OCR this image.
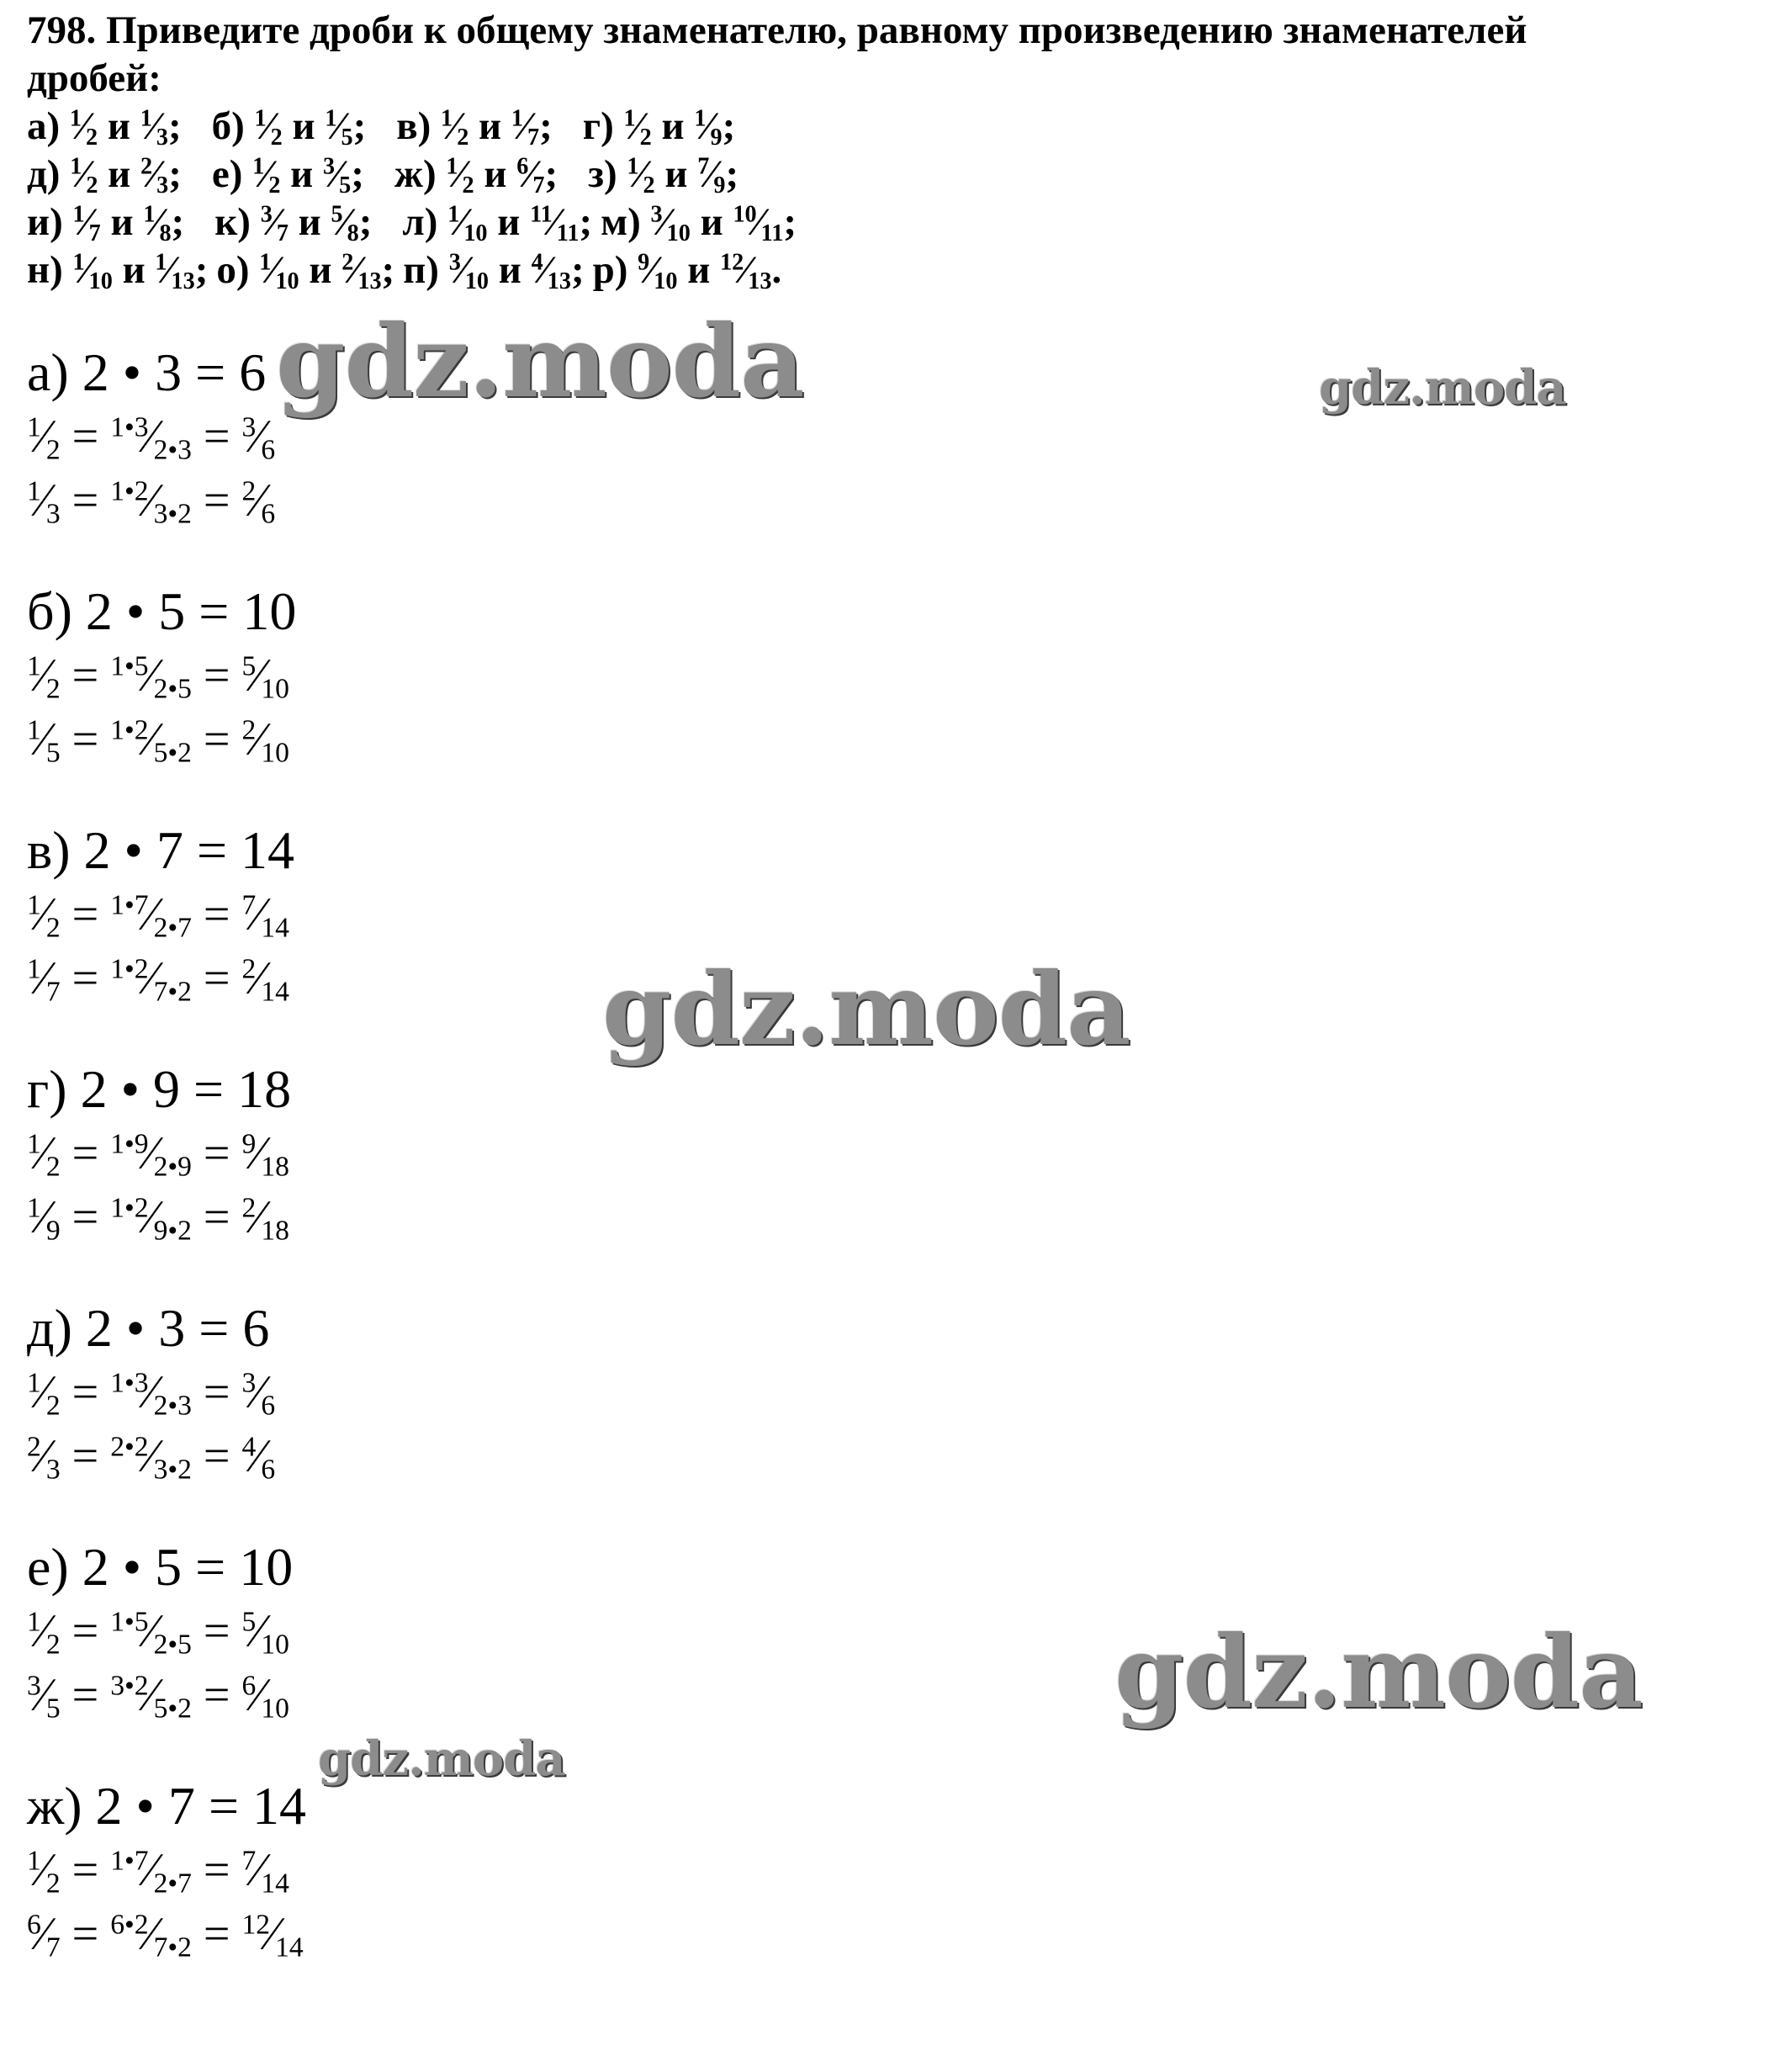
798. Приведите дроби к общему знаменателю, равному произведению знаменателей
дробей:
а) $^1⁄_2$ и $^1⁄_3$; б) $^1⁄_2$ и $^1⁄_5$; в) $^1⁄_2$ и $^1⁄_7$; г) $^1⁄_2$ и $^1⁄_9$;
д) $^1⁄_2$ и $^2⁄_3$; е) $^1⁄_2$ и $^3⁄_5$; ж) $^1⁄_2$ и $^6⁄_7$; з) $^1⁄_2$ и $^7⁄_9$;
и) $^1⁄_7$ и $^1⁄_8$; к) $^3⁄_7$ и $^5⁄_8$; л) $^1⁄_{10}$ и $^{11}⁄_{11}$; м) $^3⁄_{10}$ и $^{10}⁄_{11}$;
н) $^1⁄_{10}$ и $^1⁄_{13}$; о) $^1⁄_{10}$ и $^2⁄_{13}$; п) $^3⁄_{10}$ и $^4⁄_{13}$; р) $^9⁄_{10}$ и $^{12}⁄_{13}$.
а) 2 • 3 = 6
$^1⁄_2$ = $^{1•3}⁄_{2•3}$ = $^3⁄_6$
$^1⁄_3$ = $^{1•2}⁄_{3•2}$ = $^2⁄_6$
б) 2 • 5 = 10
$^1⁄_2$ = $^{1•5}⁄_{2•5}$ = $^5⁄_{10}$
$^1⁄_5$ = $^{1•2}⁄_{5•2}$ = $^2⁄_{10}$
в) 2 • 7 = 14
$^1⁄_2$ = $^{1•7}⁄_{2•7}$ = $^7⁄_{14}$
$^1⁄_7$ = $^{1•2}⁄_{7•2}$ = $^2⁄_{14}$
г) 2 • 9 = 18
$^1⁄_2$ = $^{1•9}⁄_{2•9}$ = $^9⁄_{18}$
$^1⁄_9$ = $^{1•2}⁄_{9•2}$ = $^2⁄_{18}$
д) 2 • 3 = 6
$^1⁄_2$ = $^{1•3}⁄_{2•3}$ = $^3⁄_6$
$^2⁄_3$ = $^{2•2}⁄_{3•2}$ = $^4⁄_6$
е) 2 • 5 = 10
$^1⁄_2$ = $^{1•5}⁄_{2•5}$ = $^5⁄_{10}$
$^3⁄_5$ = $^{3•2}⁄_{5•2}$ = $^6⁄_{10}$
ж) 2 • 7 = 14
$^1⁄_2$ = $^{1•7}⁄_{2•7}$ = $^7⁄_{14}$
$^6⁄_7$ = $^{6•2}⁄_{7•2}$ = $^{12}⁄_{14}$
gdz.moda	gdz.moda
gdz.moda
gdz.moda
gdz.moda
